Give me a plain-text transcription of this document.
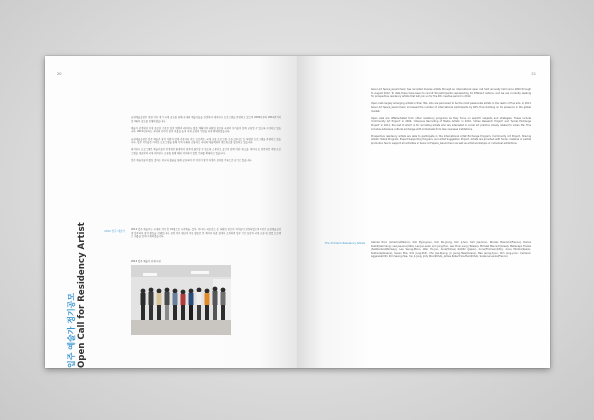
20
입주 예술가 정기공모 Open Call for Residency Artist

금천예술공장은 개관 이후 정기 국제 공모를 통해 국내외 예술가들을 선정하여 레지던시 프로그램을 운영하고 있으며 2009년부터 2012년까지 총 4회의 공모를 진행하였습니다.

예술가 선정에서 가장 중요한 기준은 창작 역량과 레지던시 활동 계획이며 다양한 장르와 국적의 작가들이 함께 교류할 수 있도록 구성하고 있습니다. 2011년부터는 국내외 작가의 참여 비율을 높여 국제 교류의 기반을 더욱 확대하였습니다.

금천예술공장은 입주 예술가 창작 지원과 함께 커뮤니티 아트 프로젝트, 국제 교류 프로그램, 오픈스튜디오 등 다양한 프로그램을 운영하고 있습니다. 입주 작가들은 이러한 프로그램을 통해 지역 사회와 소통하고 국내외 예술계와의 네트워크를 형성하고 있습니다.

레지던시 프로그램은 예술가들이 안정적인 환경에서 창작에 몰두할 수 있도록 스튜디오 공간과 함께 비평, 워크숍, 세미나 등 전문적인 지원 프로그램을 제공하며 국제 레지던시 교류를 통해 해외 작가와의 협업 기회를 확대하고 있습니다.

입주 예술가들의 활동 결과는 전시와 출판을 통해 공유되며 각 작가의 창작 과정과 성과를 기록으로 남기고 있습니다.

2012 입주 예술가
2012 입주 예술가는 국내외 작가 총 22명으로 시각예술, 설치, 미디어, 퍼포먼스 등 다양한 장르의 작가들이 선정되었으며 1년간 금천예술공장에 입주하여 창작 활동을 진행합니다. 선정 작가 명단과 주요 활동은 본 책자의 다음 장에서 소개하며 입주 기간 동안의 국제 교류 및 협업 프로젝트 내용을 함께 수록하였습니다.
2012 입주 예술가 단체 사진
21

Seoul Art Space_Geumcheon has recruited diverse artists through an international open call held annually held since 2009 through to August 2012. To date there have been to recruit 90 participants representing 19 different nations, and we are currently seeking for prospective residency artists that will join us for the 4th creative period in 2012.

Open calls largely emerging artists in their 30s, who are perceived to be the most passionate artists in the realm of fine arts. In 2011 Seoul Art Space_Geumcheon increased the number of international participants by 60% thus building on its presence in the global market.

Open calls are differentiated from other residency programs as they focus on specific subjects and strategies. These include 'Community Art Project' in 2009, 'Intensive Recruiting of Media Artists' in 2010, 'Urban Research Project' and 'Social Exchange Project' in 2011, the last of which is for recruiting artists who are interested in social art practice closely related to urban life. This includes extensive cultural exchange with individuals from less overseas institutions.

Prospective residency artists are able to participate in the International Artist Exchange Program, Community Art Project, Sharing Artistic Talent Program, Expert Supporting Program, and Artist Suggestion Project. Artists are provided with funds, material or partial promotion fee to support all activities in Seoul Art Space_Geumcheon as well as artist workshops or individual exhibitions.

The 3rd-term Residency Artists	Gabriel Ricci (America/Mexico), Kim Byung-kuu, Kim Bo-Joong, Kim Ji-Soo, Kim Jae-hoon, Nicolas Maurand(France), Darius Koehli(Germany), Lee Jae-woo(USA), Lee Jun-seok, Lim Jung-Hun, Lee Chun-Lung (Taiwan), Michael Mannich(Israel), Mellenapo Franke (Switzerland/Norway), Lee Seung-Moon, Wan Ho-Jun, Arne(Tomas) Koblitz (Japan), Anne(Thomson(UK)), Anna Minton(Spain), Kostoulis(Greece), Susan Eile, Kim Jung-Shih, Cho Jae-Ryung, Jo Jeong-Hee(Greece), Bae Jeong-hyun, Kim Jong-yoon, Cameron Aggarwal(UK), Kim Seong-Hee, Yun Ji-Jung, Jody Wood(USA), James Robert Southard(USA), Suzanne Lanza(France)
